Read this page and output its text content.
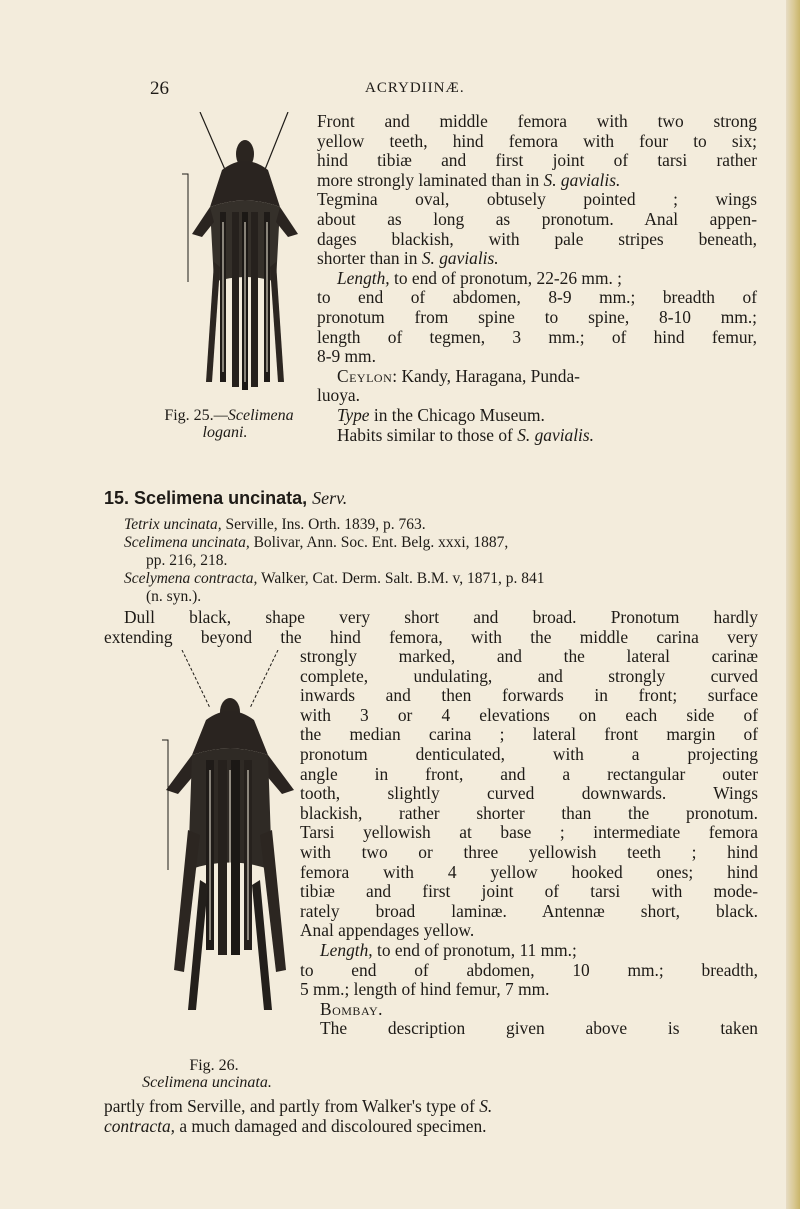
26	ACRYDIINÆ.
Fig. 25.—Scelimena
logani.
Front and middle femora with two strong
yellow teeth, hind femora with four to six;
hind tibiæ and first joint of tarsi rather
more strongly laminated than in S. gavialis.
Tegmina oval, obtusely pointed ; wings
about as long as pronotum. Anal appen-
dages blackish, with pale stripes beneath,
shorter than in S. gavialis.
Length, to end of pronotum, 22-26 mm. ;
to end of abdomen, 8-9 mm.; breadth of
pronotum from spine to spine, 8-10 mm.;
length of tegmen, 3 mm.; of hind femur,
8-9 mm.
Ceylon: Kandy, Haragana, Punda-
luoya.
Type in the Chicago Museum.
Habits similar to those of S. gavialis.
15. Scelimena uncinata, Serv.
Tetrix uncinata, Serville, Ins. Orth. 1839, p. 763.
Scelimena uncinata, Bolivar, Ann. Soc. Ent. Belg. xxxi, 1887,
pp. 216, 218.
Scelymena contracta, Walker, Cat. Derm. Salt. B.M. v, 1871, p. 841
(n. syn.).
Dull black, shape very short and broad. Pronotum hardly
extending beyond the hind femora, with the middle carina very
Fig. 26.
Scelimena uncinata.
strongly marked, and the lateral carinæ
complete, undulating, and strongly curved
inwards and then forwards in front; surface
with 3 or 4 elevations on each side of
the median carina ; lateral front margin of
pronotum denticulated, with a projecting
angle in front, and a rectangular outer
tooth, slightly curved downwards. Wings
blackish, rather shorter than the pronotum.
Tarsi yellowish at base ; intermediate femora
with two or three yellowish teeth ; hind
femora with 4 yellow hooked ones; hind
tibiæ and first joint of tarsi with mode-
rately broad laminæ. Antennæ short, black.
Anal appendages yellow.
Length, to end of pronotum, 11 mm.;
to end of abdomen, 10 mm.; breadth,
5 mm.; length of hind femur, 7 mm.
Bombay.
The description given above is taken
partly from Serville, and partly from Walker's type of S.
contracta, a much damaged and discoloured specimen.
